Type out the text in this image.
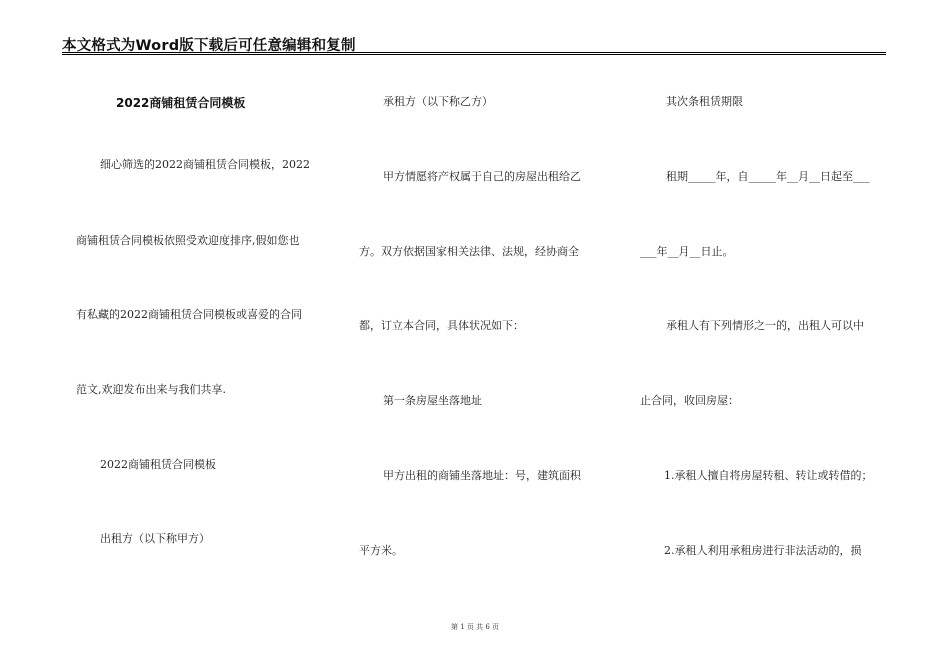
本文格式为Word版下载后可任意编辑和复制
2022商铺租赁合同模板
细心筛选的2022商铺租赁合同模板，2022
商铺租赁合同模板依照受欢迎度排序,假如您也
有私藏的2022商铺租赁合同模板或喜爱的合同
范文,欢迎发布出来与我们共享.
2022商铺租赁合同模板
出租方（以下称甲方）
承租方（以下称乙方）
甲方情愿将产权属于自己的房屋出租给乙
方。双方依据国家相关法律、法规，经协商全
都，订立本合同，具体状况如下：
第一条房屋坐落地址
甲方出租的商铺坐落地址：号，建筑面积
平方米。
其次条租赁期限
租期_____年，自_____年__月__日起至___
___年__月__日止。
承租人有下列情形之一的，出租人可以中
止合同，收回房屋：
1.承租人擅自将房屋转租、转让或转借的；
2.承租人利用承租房进行非法活动的，损
第 1 页 共 6 页
